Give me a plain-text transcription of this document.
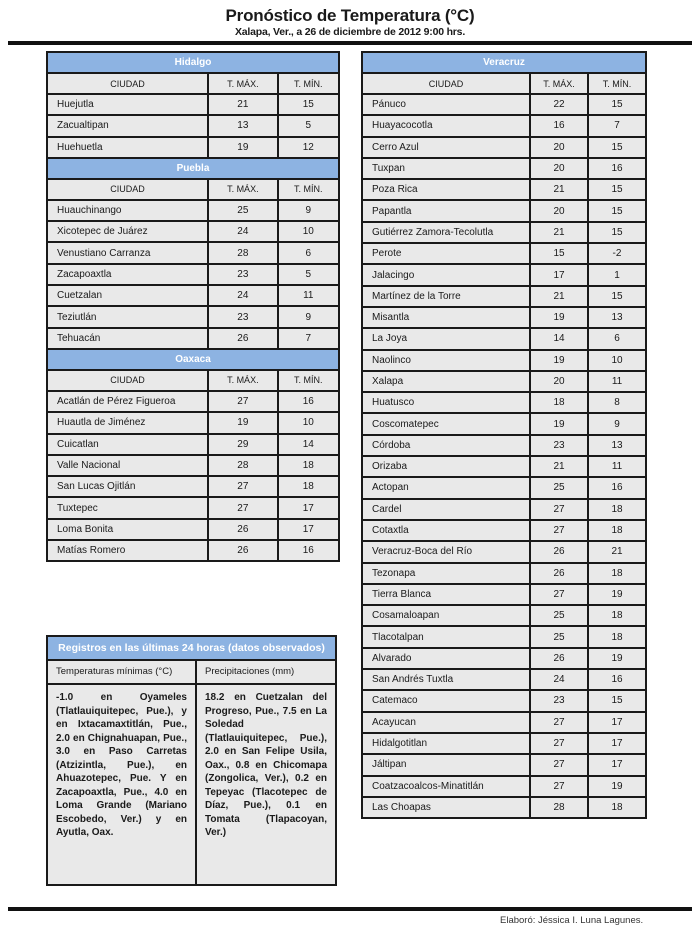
Pronóstico de Temperatura (°C)
Xalapa, Ver., a 26 de diciembre de 2012 9:00 hrs.
Hidalgo		
CIUDAD	T. MÁX.	T. MÍN.
Huejutla	21	15
Zacualtipan	13	5
Huehuetla	19	12
Puebla		
CIUDAD	T. MÁX.	T. MÍN.
Huauchinango	25	9
Xicotepec de Juárez	24	10
Venustiano Carranza	28	6
Zacapoaxtla	23	5
Cuetzalan	24	11
Teziutlán	23	9
Tehuacán	26	7
Oaxaca		
CIUDAD	T. MÁX.	T. MÍN.
Acatlán de Pérez Figueroa	27	16
Huautla de Jiménez	19	10
Cuicatlan	29	14
Valle Nacional	28	18
San Lucas Ojitlán	27	18
Tuxtepec	27	17
Loma Bonita	26	17
Matías Romero	26	16
Veracruz		
CIUDAD	T. MÁX.	T. MÍN.
Pánuco	22	15
Huayacocotla	16	7
Cerro Azul	20	15
Tuxpan	20	16
Poza Rica	21	15
Papantla	20	15
Gutiérrez Zamora-Tecolutla	21	15
Perote	15	-2
Jalacingo	17	1
Martínez de la Torre	21	15
Misantla	19	13
La Joya	14	6
Naolinco	19	10
Xalapa	20	11
Huatusco	18	8
Coscomatepec	19	9
Córdoba	23	13
Orizaba	21	11
Actopan	25	16
Cardel	27	18
Cotaxtla	27	18
Veracruz-Boca del Río	26	21
Tezonapa	26	18
Tierra Blanca	27	19
Cosamaloapan	25	18
Tlacotalpan	25	18
Alvarado	26	19
San Andrés Tuxtla	24	16
Catemaco	23	15
Acayucan	27	17
Hidalgotitlan	27	17
Jáltipan	27	17
Coatzacoalcos-Minatitlán	27	19
Las Choapas	28	18
Registros en las últimas 24 horas (datos observados)
Temperaturas mínimas (°C)
-1.0 en Oyameles (Tlatlauiquitepec, Pue.), y en Ixtacamaxtitlán, Pue., 2.0 en Chignahuapan, Pue., 3.0 en Paso Carretas (Atzizintla, Pue.), en Ahuazotepec, Pue. Y en Zacapoaxtla, Pue., 4.0 en Loma Grande (Mariano Escobedo, Ver.) y en Ayutla, Oax.
Precipitaciones (mm)
18.2 en Cuetzalan del Progreso, Pue., 7.5 en La Soledad (Tlatlauiquitepec, Pue.), 2.0 en San Felipe Usila, Oax., 0.8 en Chicomapa (Zongolica, Ver.), 0.2 en Tepeyac (Tlacotepec de Díaz, Pue.), 0.1 en Tomata (Tlapacoyan, Ver.)
Elaboró: Jéssica I. Luna Lagunes.
